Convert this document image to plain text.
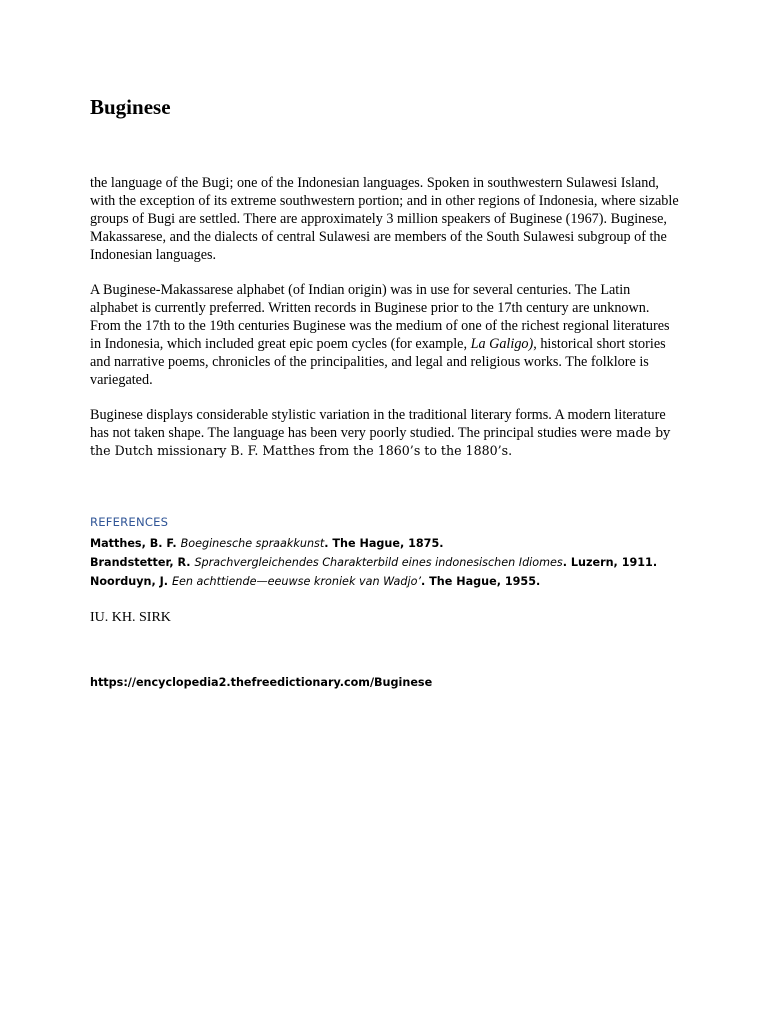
Buginese

the language of the Bugi; one of the Indonesian languages. Spoken in southwestern Sulawesi Island, with the exception of its extreme southwestern portion; and in other regions of Indonesia, where sizable groups of Bugi are settled. There are approximately 3 million speakers of Buginese (1967). Buginese, Makassarese, and the dialects of central Sulawesi are members of the South Sulawesi subgroup of the Indonesian languages.

A Buginese-Makassarese alphabet (of Indian origin) was in use for several centuries. The Latin alphabet is currently preferred. Written records in Buginese prior to the 17th century are unknown. From the 17th to the 19th centuries Buginese was the medium of one of the richest regional literatures in Indonesia, which included great epic poem cycles (for example, La Galigo), historical short stories and narrative poems, chronicles of the principalities, and legal and religious works. The folklore is variegated.

Buginese displays considerable stylistic variation in the traditional literary forms. A modern literature has not taken shape. The language has been very poorly studied. The principal studies were made by the Dutch missionary B. F. Matthes from the 1860’s to the 1880’s.

REFERENCES
Matthes, B. F. Boeginesche spraakkunst. The Hague, 1875.
Brandstetter, R. Sprachvergleichendes Charakterbild eines indonesischen Idiomes. Luzern, 1911.
Noorduyn, J. Een achttiende—eeuwse kroniek van Wadjo’. The Hague, 1955.

IU. KH. SIRK

https://encyclopedia2.thefreedictionary.com/Buginese
